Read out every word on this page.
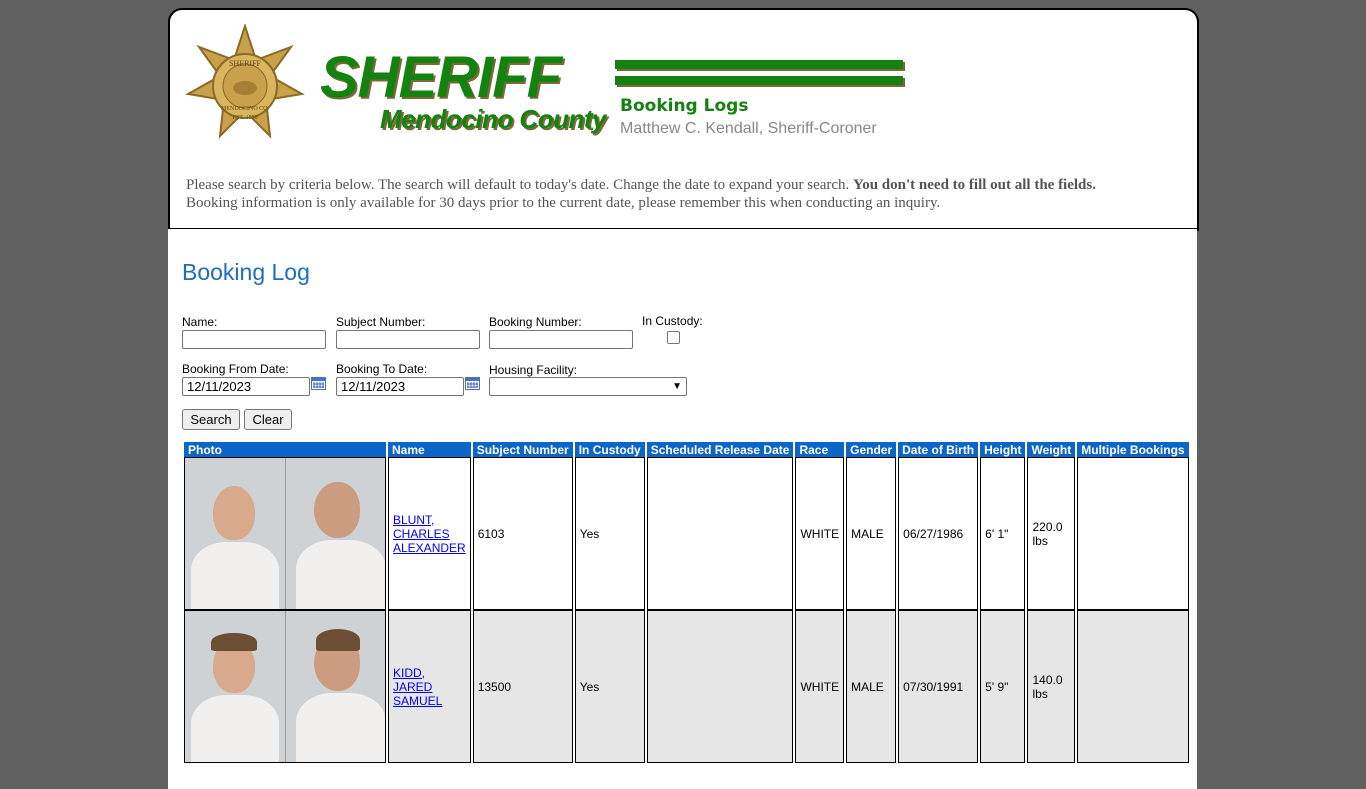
SHERIFF
MENDOCINO CO.
EST. 1850
SHERIFF
Mendocino County Booking Logs
Matthew C. Kendall, Sheriff-Coroner
Please search by criteria below. The search will default to today's date. Change the date to expand your search. You don't need to fill out all the fields.
Booking information is only available for 30 days prior to the current date, please remember this when conducting an inquiry.
Booking Log
Name:	Subject Number:	Booking Number:	In Custody:
Booking From Date:
12/11/2023	Booking To Date:
12/11/2023	Housing Facility:
▼
Search	Clear
Photo	Name	Subject Number	In Custody	Scheduled Release Date	Race	Gender	Date of Birth	Height	Weight	Multiple Bookings

	BLUNT,
CHARLES
ALEXANDER	6103	Yes		WHITE	MALE	06/27/1986	6' 1"	220.0 lbs	

	KIDD,
JARED
SAMUEL	13500	Yes		WHITE	MALE	07/30/1991	5' 9"	140.0 lbs	
